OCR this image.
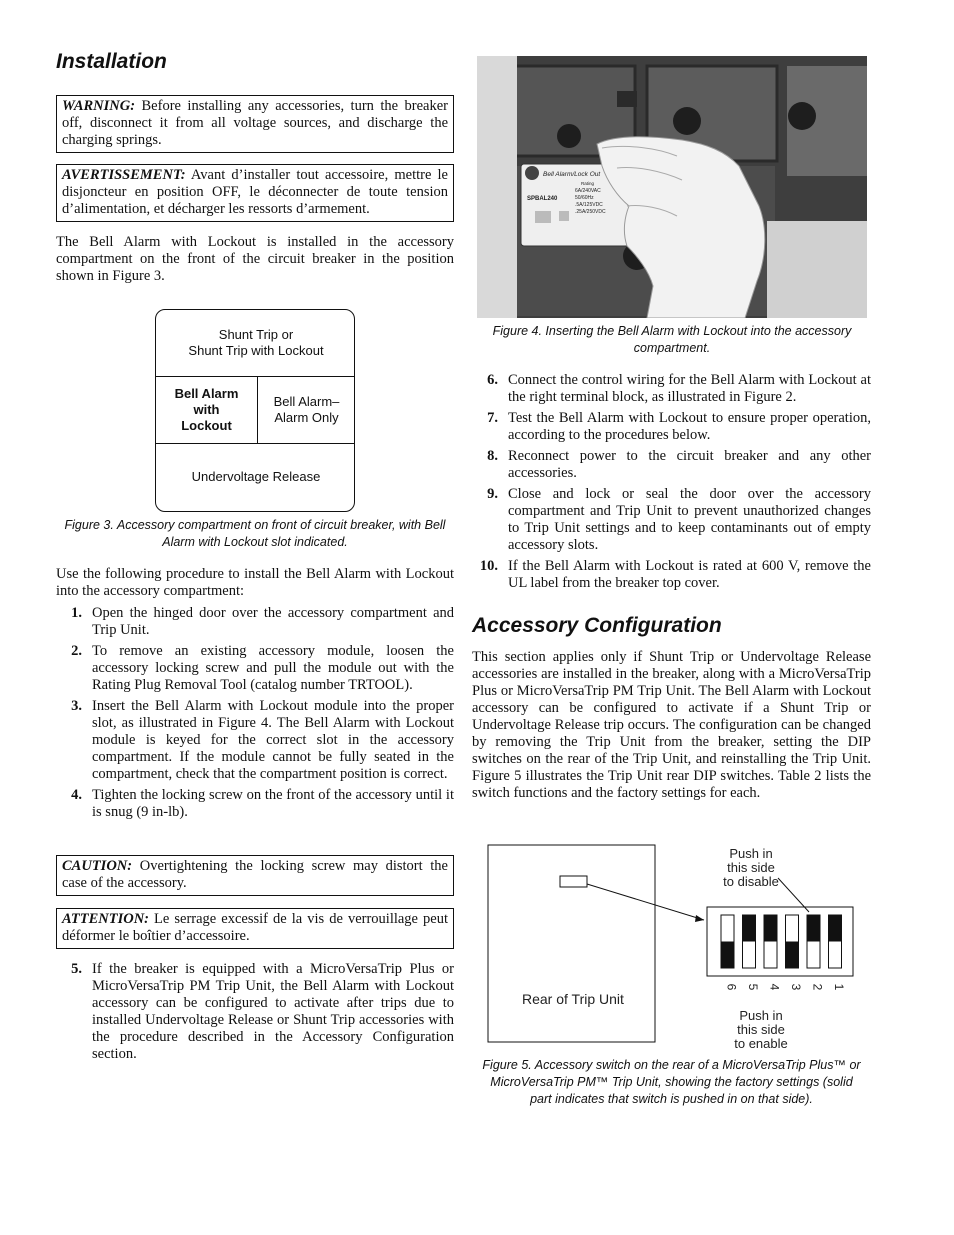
Installation
WARNING: Before installing any accessories, turn the breaker off, disconnect it from all voltage sources, and discharge the charging springs.
AVERTISSEMENT: Avant d’installer tout accessoire, mettre le disjoncteur en position OFF, le déconnecter de toute tension d’alimentation, et décharger les ressorts d’armement.

The Bell Alarm with Lockout is installed in the accessory compartment on the front of the circuit breaker in the position shown in Figure 3.

Shunt Trip or
Shunt Trip with Lockout
Bell Alarm
with
Lockout
Bell Alarm–
Alarm Only
Undervoltage Release
Figure 3. Accessory compartment on front of circuit breaker, with Bell Alarm with Lockout slot indicated.

Use the following procedure to install the Bell Alarm with Lockout into the accessory compartment:

1. Open the hinged door over the accessory compartment and Trip Unit.
2. To remove an existing accessory module, loosen the accessory locking screw and pull the module out with the Rating Plug Removal Tool (catalog number TRTOOL).
3. Insert the Bell Alarm with Lockout module into the proper slot, as illustrated in Figure 4. The Bell Alarm with Lockout module is keyed for the correct slot in the accessory compartment. If the module cannot be fully seated in the compartment, check that the compartment position is correct.
4. Tighten the locking screw on the front of the accessory until it is snug (9 in-lb).
CAUTION: Overtightening the locking screw may distort the case of the accessory.
ATTENTION: Le serrage excessif de la vis de verrouillage peut déformer le boîtier d’accessoire.
5. If the breaker is equipped with a MicroVersaTrip Plus or MicroVersaTrip PM Trip Unit, the Bell Alarm with Lockout accessory can be configured to activate after trips due to installed Undervoltage Release or Shunt Trip accessories with the procedure described in the Accessory Configuration section.
Bell Alarm/Lock Out
SPBAL240
Rating
6A/240VAC
50/60Hz
.5A/125VDC
.25A/250VDC
Figure 4. Inserting the Bell Alarm with Lockout into the accessory compartment.
6. Connect the control wiring for the Bell Alarm with Lockout at the right terminal block, as illustrated in Figure 2.
7. Test the Bell Alarm with Lockout to ensure proper operation, according to the procedures below.
8. Reconnect power to the circuit breaker and any other accessories.
9. Close and lock or seal the door over the accessory compartment and Trip Unit to prevent unauthorized changes to Trip Unit settings and to keep contaminants out of empty accessory slots.
10. If the Bell Alarm with Lockout is rated at 600 V, remove the UL label from the breaker top cover.
Accessory Configuration

This section applies only if Shunt Trip or Undervoltage Release accessories are installed in the breaker, along with a MicroVersaTrip Plus or MicroVersaTrip PM Trip Unit. The Bell Alarm with Lockout accessory can be configured to activate if a Shunt Trip or Undervoltage Release trip occurs. The configuration can be changed by removing the Trip Unit from the breaker, setting the DIP switches on the rear of the Trip Unit, and reinstalling the Trip Unit. Figure 5 illustrates the Trip Unit rear DIP switches. Table 2 lists the switch functions and the factory settings for each.

Rear of Trip Unit
6 5 4 3 2 1
Push in
this side
to disable
Push in
this side
to enable
Figure 5. Accessory switch on the rear of a MicroVersaTrip Plus™ or
MicroVersaTrip PM™ Trip Unit, showing the factory settings (solid
part indicates that switch is pushed in on that side).
